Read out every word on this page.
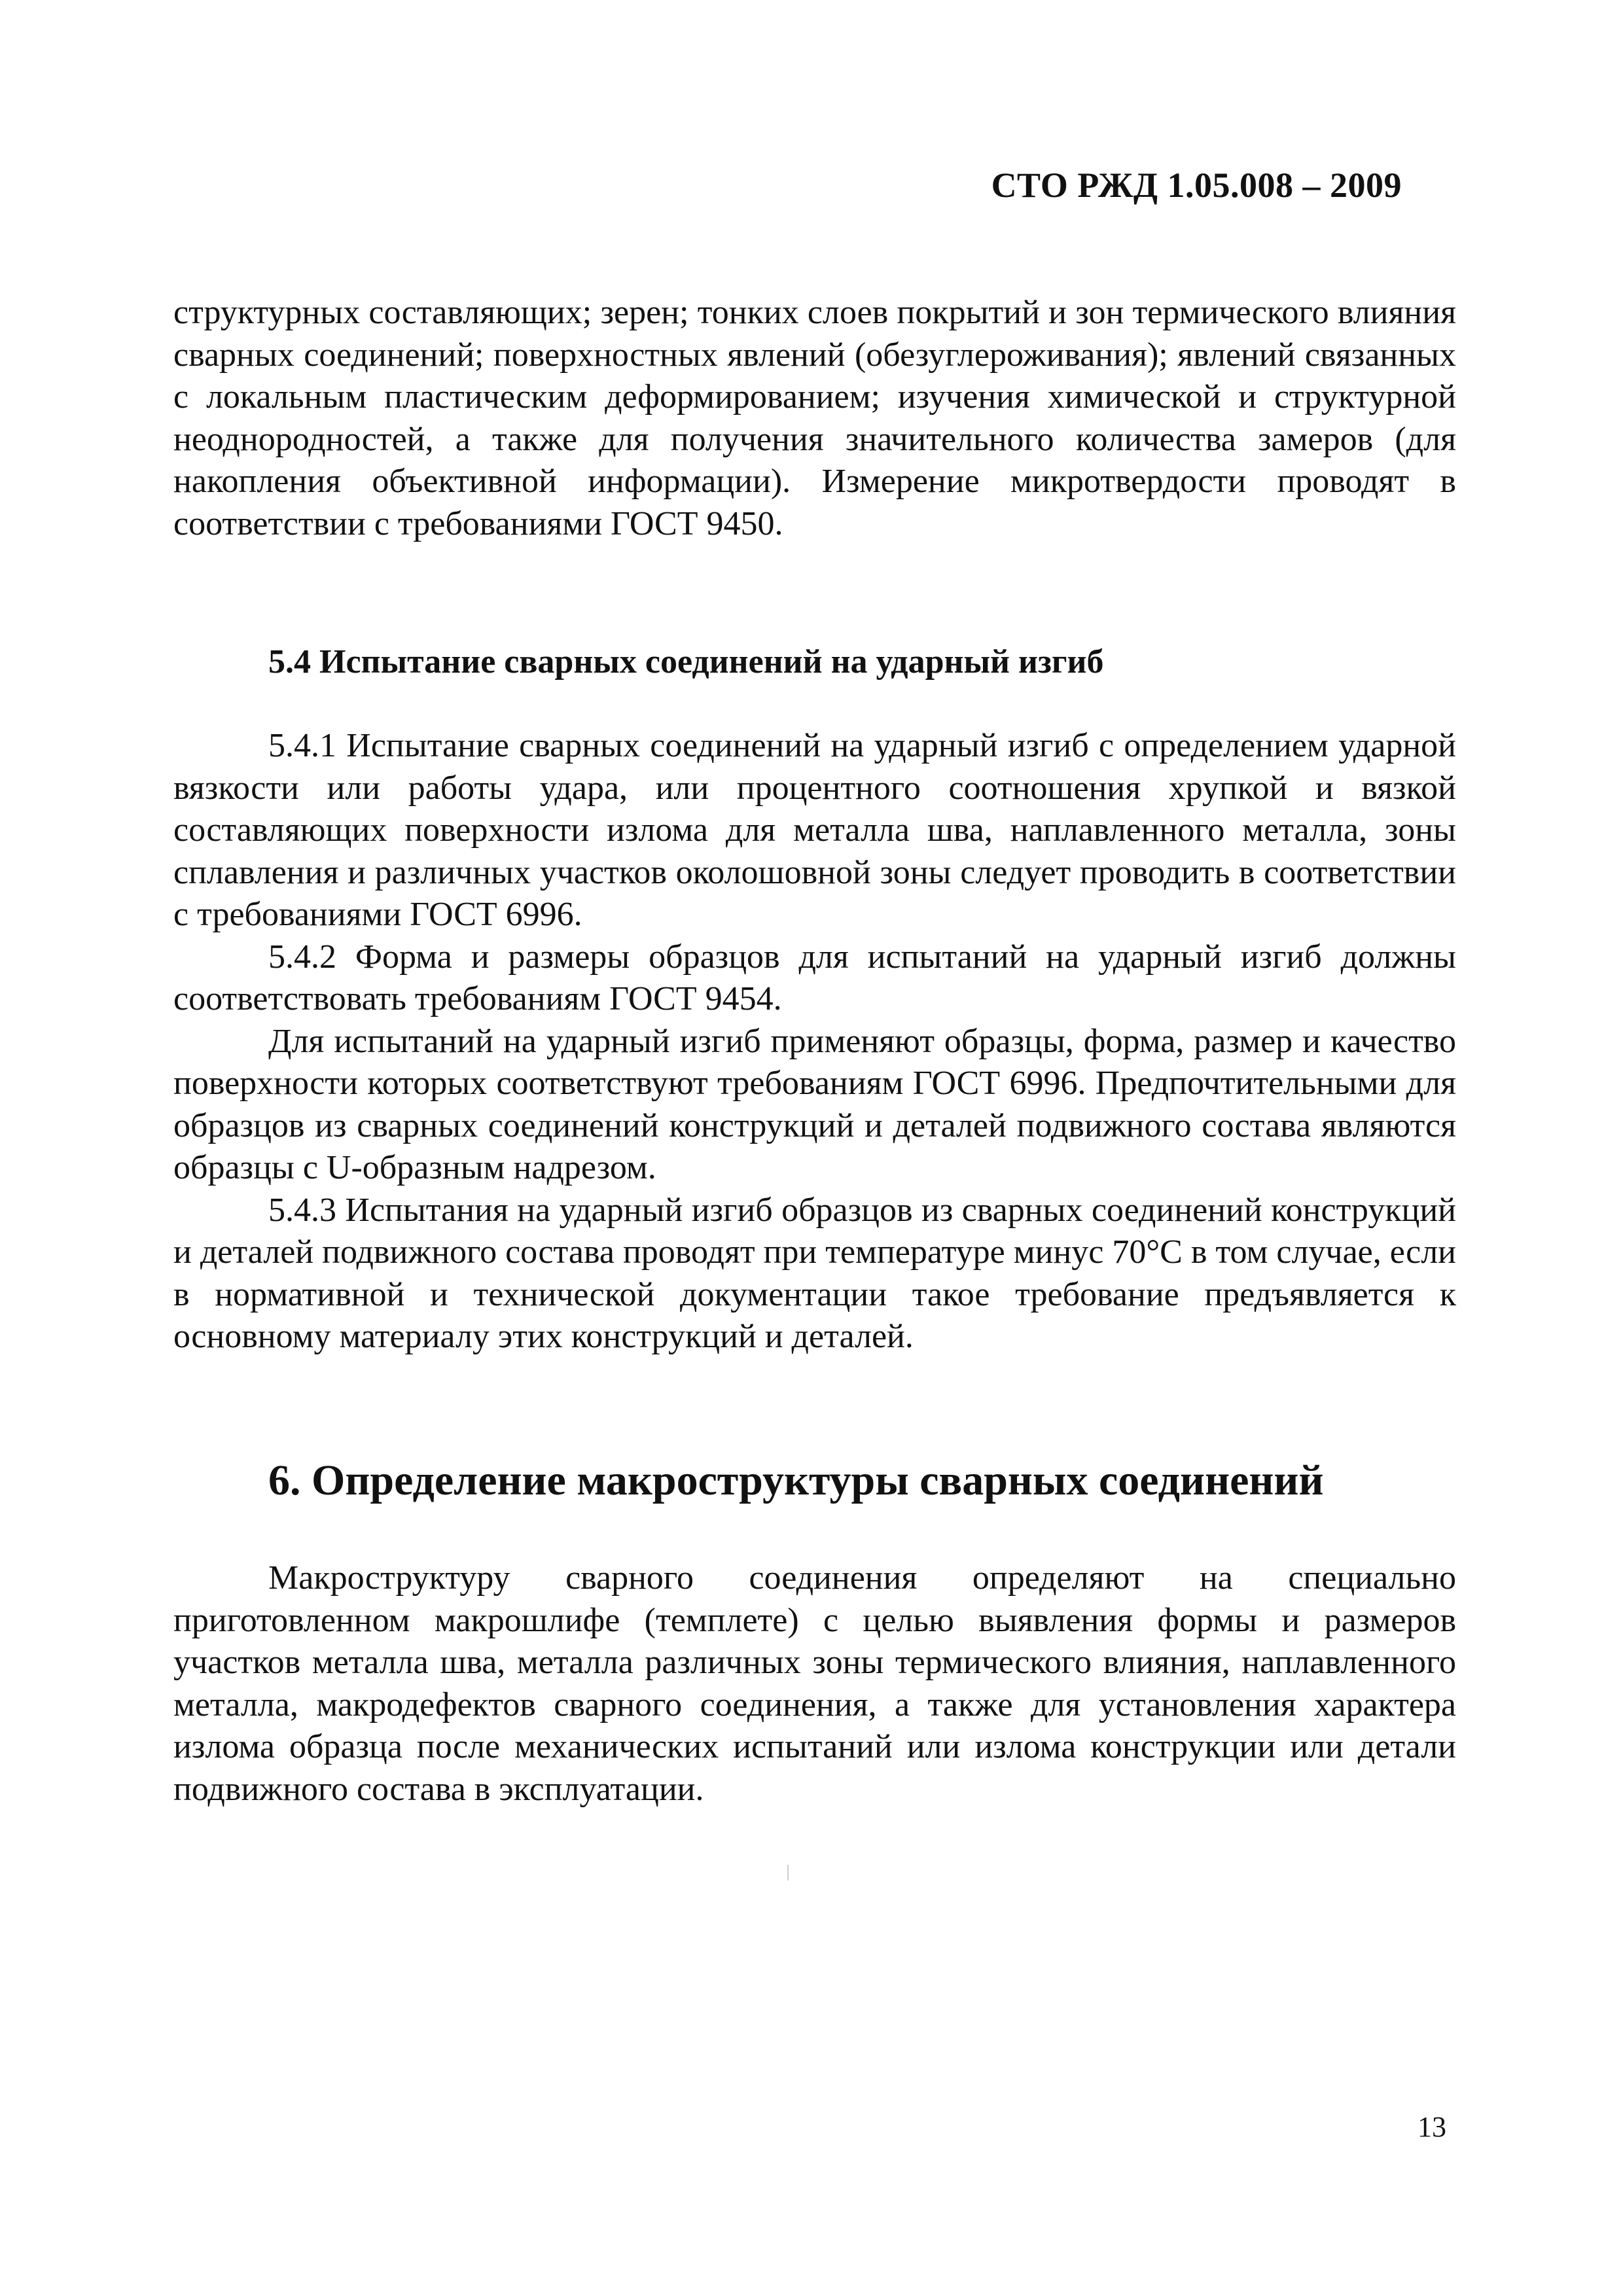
СТО РЖД 1.05.008 – 2009

структурных составляющих; зерен; тонких слоев покрытий и зон термического влияния сварных соединений; поверхностных явлений (обезуглероживания); явлений связанных с локальным пластическим деформированием; изучения химической и структурной неоднородностей, а также для получения значительного количества замеров (для накопления объективной информации). Измерение микротвердости проводят в соответствии с требованиями ГОСТ 9450.

5.4 Испытание сварных соединений на ударный изгиб

5.4.1 Испытание сварных соединений на ударный изгиб с определением ударной вязкости или работы удара, или процентного соотношения хрупкой и вязкой составляющих поверхности излома для металла шва, наплавленного металла, зоны сплавления и различных участков околошовной зоны следует проводить в соответствии с требованиями ГОСТ 6996.

5.4.2 Форма и размеры образцов для испытаний на ударный изгиб должны соответствовать требованиям ГОСТ 9454.

Для испытаний на ударный изгиб применяют образцы, форма, размер и качество поверхности которых соответствуют требованиям ГОСТ 6996. Предпочтительными для образцов из сварных соединений конструкций и деталей подвижного состава являются образцы с U-образным надрезом.

5.4.3 Испытания на ударный изгиб образцов из сварных соединений конструкций и деталей подвижного состава проводят при температуре минус 70°С в том случае, если в нормативной и технической документации такое требование предъявляется к основному материалу этих конструкций и деталей.

6. Определение макроструктуры сварных соединений

Макроструктуру сварного соединения определяют на специально приготовленном макрошлифе (темплете) с целью выявления формы и размеров участков металла шва, металла различных зоны термического влияния, наплавленного металла, макродефектов сварного соединения, а также для установления характера излома образца после механических испытаний или излома конструкции или детали подвижного состава в эксплуатации.

13
